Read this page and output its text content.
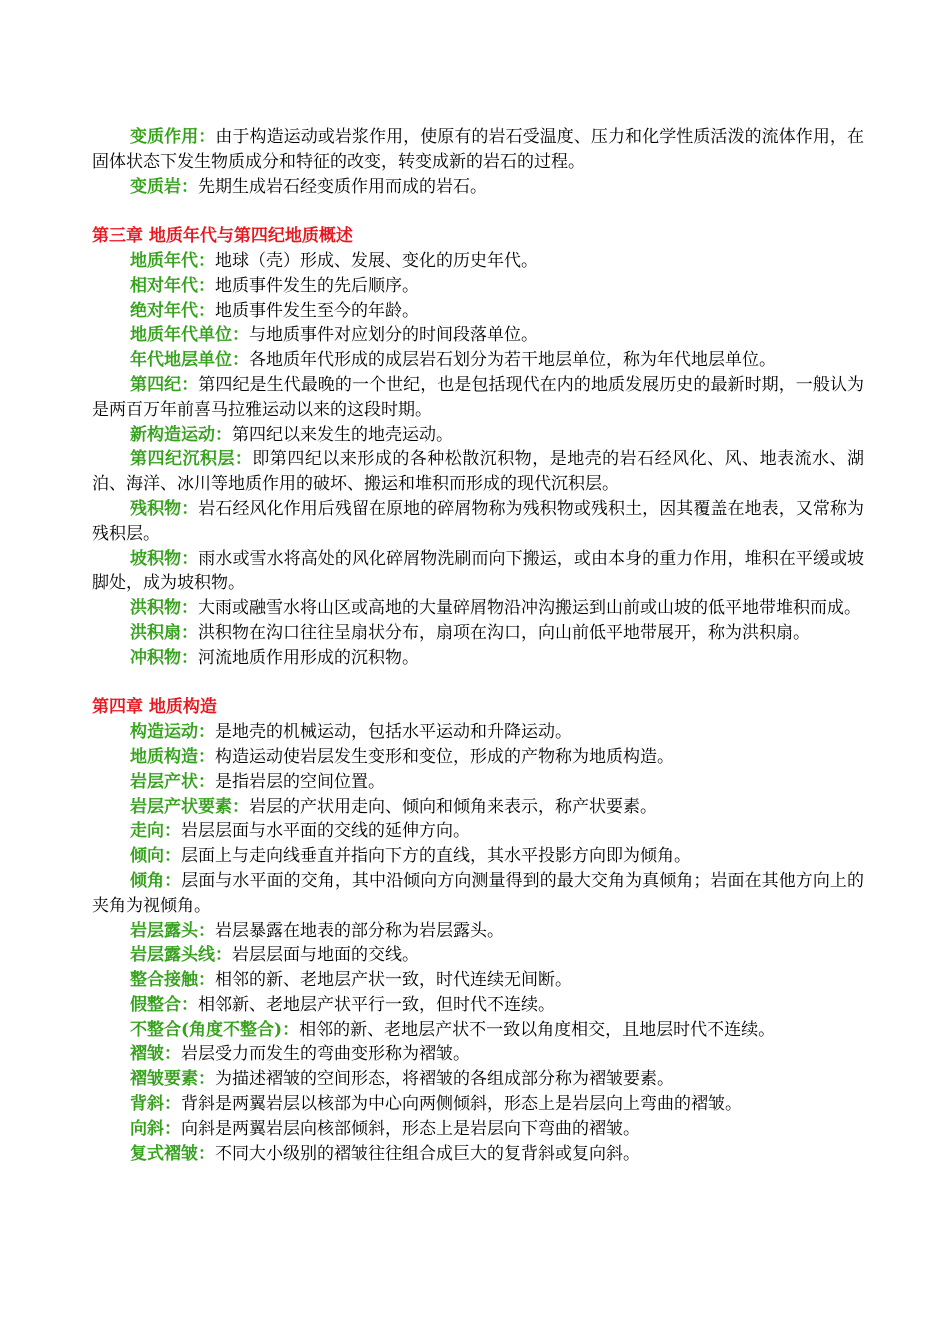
变质作用：由于构造运动或岩浆作用，使原有的岩石受温度、压力和化学性质活泼的流体作用，在固体状态下发生物质成分和特征的改变，转变成新的岩石的过程。

变质岩：先期生成岩石经变质作用而成的岩石。

第三章 地质年代与第四纪地质概述

地质年代：地球（壳）形成、发展、变化的历史年代。

相对年代：地质事件发生的先后顺序。

绝对年代：地质事件发生至今的年龄。

地质年代单位：与地质事件对应划分的时间段落单位。

年代地层单位：各地质年代形成的成层岩石划分为若干地层单位，称为年代地层单位。

第四纪：第四纪是生代最晚的一个世纪，也是包括现代在内的地质发展历史的最新时期，一般认为是两百万年前喜马拉雅运动以来的这段时期。

新构造运动：第四纪以来发生的地壳运动。

第四纪沉积层：即第四纪以来形成的各种松散沉积物，是地壳的岩石经风化、风、地表流水、湖泊、海洋、冰川等地质作用的破坏、搬运和堆积而形成的现代沉积层。

残积物：岩石经风化作用后残留在原地的碎屑物称为残积物或残积土，因其覆盖在地表，又常称为残积层。

坡积物：雨水或雪水将高处的风化碎屑物洗刷而向下搬运，或由本身的重力作用，堆积在平缓或坡脚处，成为坡积物。

洪积物：大雨或融雪水将山区或高地的大量碎屑物沿冲沟搬运到山前或山坡的低平地带堆积而成。

洪积扇：洪积物在沟口往往呈扇状分布，扇项在沟口，向山前低平地带展开，称为洪积扇。

冲积物：河流地质作用形成的沉积物。

第四章 地质构造

构造运动：是地壳的机械运动，包括水平运动和升降运动。

地质构造：构造运动使岩层发生变形和变位，形成的产物称为地质构造。

岩层产状：是指岩层的空间位置。

岩层产状要素：岩层的产状用走向、倾向和倾角来表示，称产状要素。

走向：岩层层面与水平面的交线的延伸方向。

倾向：层面上与走向线垂直并指向下方的直线，其水平投影方向即为倾角。

倾角：层面与水平面的交角，其中沿倾向方向测量得到的最大交角为真倾角；岩面在其他方向上的夹角为视倾角。

岩层露头：岩层暴露在地表的部分称为岩层露头。

岩层露头线：岩层层面与地面的交线。

整合接触：相邻的新、老地层产状一致，时代连续无间断。

假整合：相邻新、老地层产状平行一致，但时代不连续。

不整合(角度不整合)：相邻的新、老地层产状不一致以角度相交，且地层时代不连续。

褶皱：岩层受力而发生的弯曲变形称为褶皱。

褶皱要素：为描述褶皱的空间形态，将褶皱的各组成部分称为褶皱要素。

背斜：背斜是两翼岩层以核部为中心向两侧倾斜，形态上是岩层向上弯曲的褶皱。

向斜：向斜是两翼岩层向核部倾斜，形态上是岩层向下弯曲的褶皱。

复式褶皱：不同大小级别的褶皱往往组合成巨大的复背斜或复向斜。
